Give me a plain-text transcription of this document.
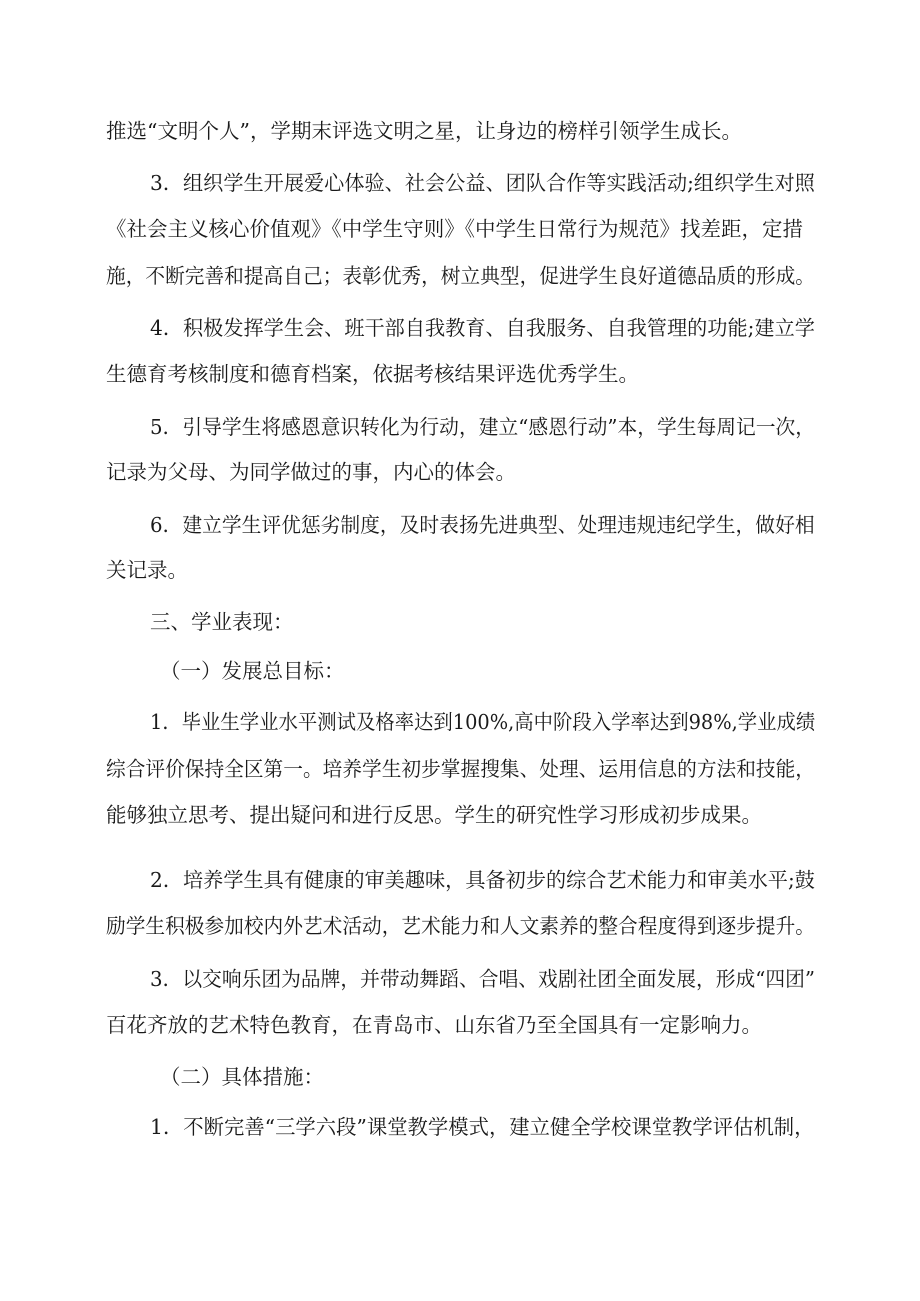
推选“文明个人”，学期末评选文明之星，让身边的榜样引领学生成长。
3．组织学生开展爱心体验、社会公益、团队合作等实践活动;组织学生对照
《社会主义核心价值观》《中学生守则》《中学生日常行为规范》找差距，定措
施，不断完善和提高自己；表彰优秀，树立典型，促进学生良好道德品质的形成。
4．积极发挥学生会、班干部自我教育、自我服务、自我管理的功能;建立学
生德育考核制度和德育档案，依据考核结果评选优秀学生。
5．引导学生将感恩意识转化为行动，建立“感恩行动”本，学生每周记一次，
记录为父母、为同学做过的事，内心的体会。
6．建立学生评优惩劣制度，及时表扬先进典型、处理违规违纪学生，做好相
关记录。
三、学业表现：
（一）发展总目标：
1．毕业生学业水平测试及格率达到100%,高中阶段入学率达到98%,学业成绩
综合评价保持全区第一。培养学生初步掌握搜集、处理、运用信息的方法和技能，
能够独立思考、提出疑问和进行反思。学生的研究性学习形成初步成果。
2．培养学生具有健康的审美趣味，具备初步的综合艺术能力和审美水平;鼓
励学生积极参加校内外艺术活动，艺术能力和人文素养的整合程度得到逐步提升。
3．以交响乐团为品牌，并带动舞蹈、合唱、戏剧社团全面发展，形成“四团”
百花齐放的艺术特色教育，在青岛市、山东省乃至全国具有一定影响力。
（二）具体措施：
1．不断完善“三学六段”课堂教学模式，建立健全学校课堂教学评估机制，
